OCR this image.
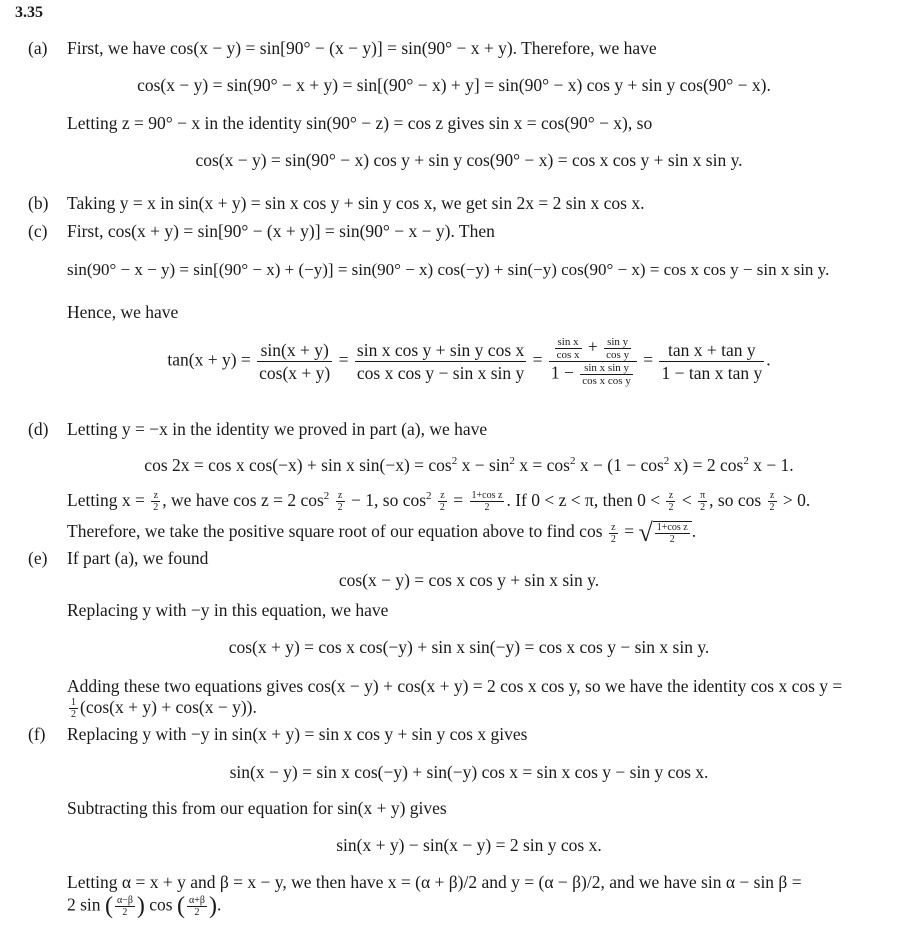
3.35
(a) First, we have cos(x − y) = sin[90° − (x − y)] = sin(90° − x + y). Therefore, we have
cos(x − y) = sin(90° − x + y) = sin[(90° − x) + y] = sin(90° − x) cos y + sin y cos(90° − x).
Letting z = 90° − x in the identity sin(90° − z) = cos z gives sin x = cos(90° − x), so
cos(x − y) = sin(90° − x) cos y + sin y cos(90° − x) = cos x cos y + sin x sin y.
(b) Taking y = x in sin(x + y) = sin x cos y + sin y cos x, we get sin 2x = 2 sin x cos x.
(c) First, cos(x + y) = sin[90° − (x + y)] = sin(90° − x − y). Then
sin(90° − x − y) = sin[(90° − x) + (−y)] = sin(90° − x) cos(−y) + sin(−y) cos(90° − x) = cos x cos y − sin x sin y.
Hence, we have
$\tan(x + y) = \frac{\sin(x + y)}{\cos(x + y)} = \frac{\text{sin x cos y + sin y cos x}}{\text{cos x cos y − sin x sin y}} = \frac{\frac{\text{sin x}}{\text{cos x}} + \frac{\text{sin y}}{\text{cos y}}}{1 - \frac{\text{sin x sin y}}{\text{cos x cos y}}} = \frac{\text{tan x + tan y}}{\text{1 − tan x tan y}}$ .
(d) Letting y = −x in the identity we proved in part (a), we have
cos 2x = cos x cos(−x) + sin x $\sin(-x) = \cos^2 x - \sin^2 x = \cos^2 x - (1 - \cos^2 x) = 2$ $\cos^2 x - 1$.
Letting $x = \frac{z}{2}$ , we have cos z = 2 $\cos^2 \frac{z}{2} - 1$, so $\cos^2 \frac{z}{2} = \frac{\text{1+cos z}}{2}$ . If 0 < z < π, then $0 < \frac{z}{2} < \frac{\pi}{2}$ , so $\cos \frac{z}{2} > 0$.
Therefore, we take the positive square root of our equation above to find $\cos \frac{z}{2}$ = √ $\frac{\text{1+cos z}}{2}$ .
(e) If part (a), we found
cos(x − y) = cos x cos y + sin x sin y.
Replacing y with −y in this equation, we have
cos(x + y) = cos x cos(−y) + sin x sin(−y) = cos x cos y − sin x sin y.
Adding these two equations gives cos(x − y) + cos(x + y) = 2 cos x cos y, so we have the identity cos x cos y =
$\frac{1}{2} (\cos(x + y) + \cos(x - y))$.
(f) Replacing y with −y in sin(x + y) = sin x cos y + sin y cos x gives
sin(x − y) = sin x cos(−y) + sin(−y) cos x = sin x cos y − sin y cos x.
Subtracting this from our equation for sin(x + y) gives
sin(x + y) − sin(x − y) = 2 sin y cos x.
Letting α = x + y and β = x − y, we then have x = (α + β)/2 and y = (α − β)/2, and we have sin α − sin β =
2 sin ( $\frac{\alpha-\beta}{2}$ ) cos ( $\frac{\alpha+\beta}{2}$ ).
